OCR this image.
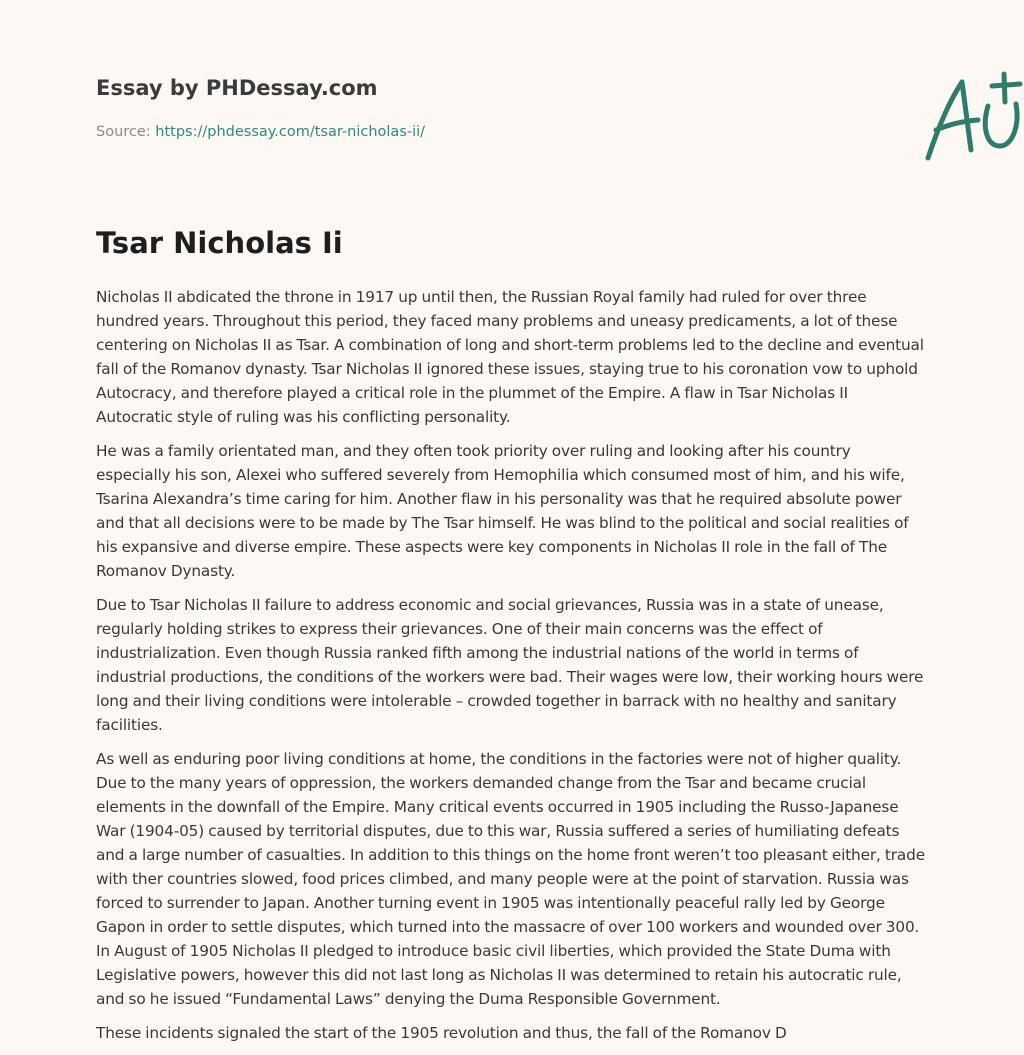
Essay by PHDessay.com
Source: https://phdessay.com/tsar-nicholas-ii/
Tsar Nicholas Ii

Nicholas II abdicated the throne in 1917 up until then, the Russian Royal family had ruled for over three hundred years. Throughout this period, they faced many problems and uneasy predicaments, a lot of these centering on Nicholas II as Tsar. A combination of long and short-term problems led to the decline and eventual fall of the Romanov dynasty. Tsar Nicholas II ignored these issues, staying true to his coronation vow to uphold Autocracy, and therefore played a critical role in the plummet of the Empire. A flaw in Tsar Nicholas II Autocratic style of ruling was his conflicting personality.

He was a family orientated man, and they often took priority over ruling and looking after his country especially his son, Alexei who suffered severely from Hemophilia which consumed most of him, and his wife, Tsarina Alexandra’s time caring for him. Another flaw in his personality was that he required absolute power and that all decisions were to be made by The Tsar himself. He was blind to the political and social realities of his expansive and diverse empire. These aspects were key components in Nicholas II role in the fall of The Romanov Dynasty.

Due to Tsar Nicholas II failure to address economic and social grievances, Russia was in a state of unease, regularly holding strikes to express their grievances. One of their main concerns was the effect of industrialization. Even though Russia ranked fifth among the industrial nations of the world in terms of industrial productions, the conditions of the workers were bad. Their wages were low, their working hours were long and their living conditions were intolerable – crowded together in barrack with no healthy and sanitary facilities.

As well as enduring poor living conditions at home, the conditions in the factories were not of higher quality. Due to the many years of oppression, the workers demanded change from the Tsar and became crucial elements in the downfall of the Empire. Many critical events occurred in 1905 including the Russo-Japanese War (1904-05) caused by territorial disputes, due to this war, Russia suffered a series of humiliating defeats and a large number of casualties. In addition to this things on the home front weren’t too pleasant either, trade with ther countries slowed, food prices climbed, and many people were at the point of starvation. Russia was forced to surrender to Japan. Another turning event in 1905 was intentionally peaceful rally led by George Gapon in order to settle disputes, which turned into the massacre of over 100 workers and wounded over 300. In August of 1905 Nicholas II pledged to introduce basic civil liberties, which provided the State Duma with Legislative powers, however this did not last long as Nicholas II was determined to retain his autocratic rule, and so he issued “Fundamental Laws” denying the Duma Responsible Government.

These incidents signaled the start of the 1905 revolution and thus, the fall of the Romanov D
